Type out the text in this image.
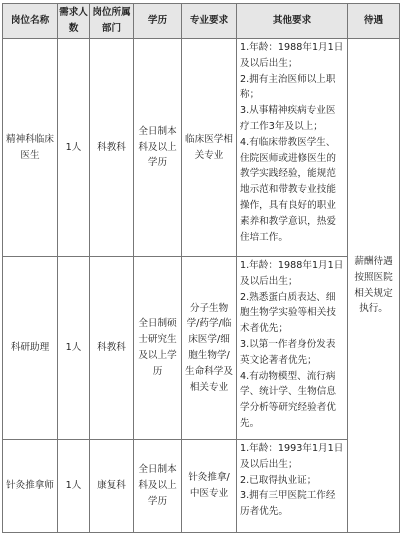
岗位名称	需求人数	岗位所属部门	学历	专业要求	其他要求	待遇
精神科临床医生	1人	科教科	全日制本科及以上学历	临床医学相关专业	1.年龄：1988年1月1日及以后出生；
2.拥有主治医师以上职称；
3.从事精神疾病专业医疗工作3年及以上；
4.有临床带教医学生、住院医师或进修医生的教学实践经验，能规范地示范和带教专业技能操作，具有良好的职业素养和教学意识，热爱住培工作。	薪酬待遇按照医院相关规定执行。
科研助理	1人	科教科	全日制硕士研究生及以上学历	分子生物学/药学/临床医学/细胞生物学/生命科学及相关专业	1.年龄：1988年1月1日及以后出生；
2.熟悉蛋白质表达、细胞生物学实验等相关技术者优先；
3.以第一作者身份发表英文论著者优先；
4.有动物模型、流行病学、统计学、生物信息学分析等研究经验者优先。	

针灸推拿师	1人	康复科	全日制本科及以上学历	针灸推拿/中医专业	1.年龄：1993年1月1日及以后出生；
2.已取得执业证；
3.拥有三甲医院工作经历者优先。	
